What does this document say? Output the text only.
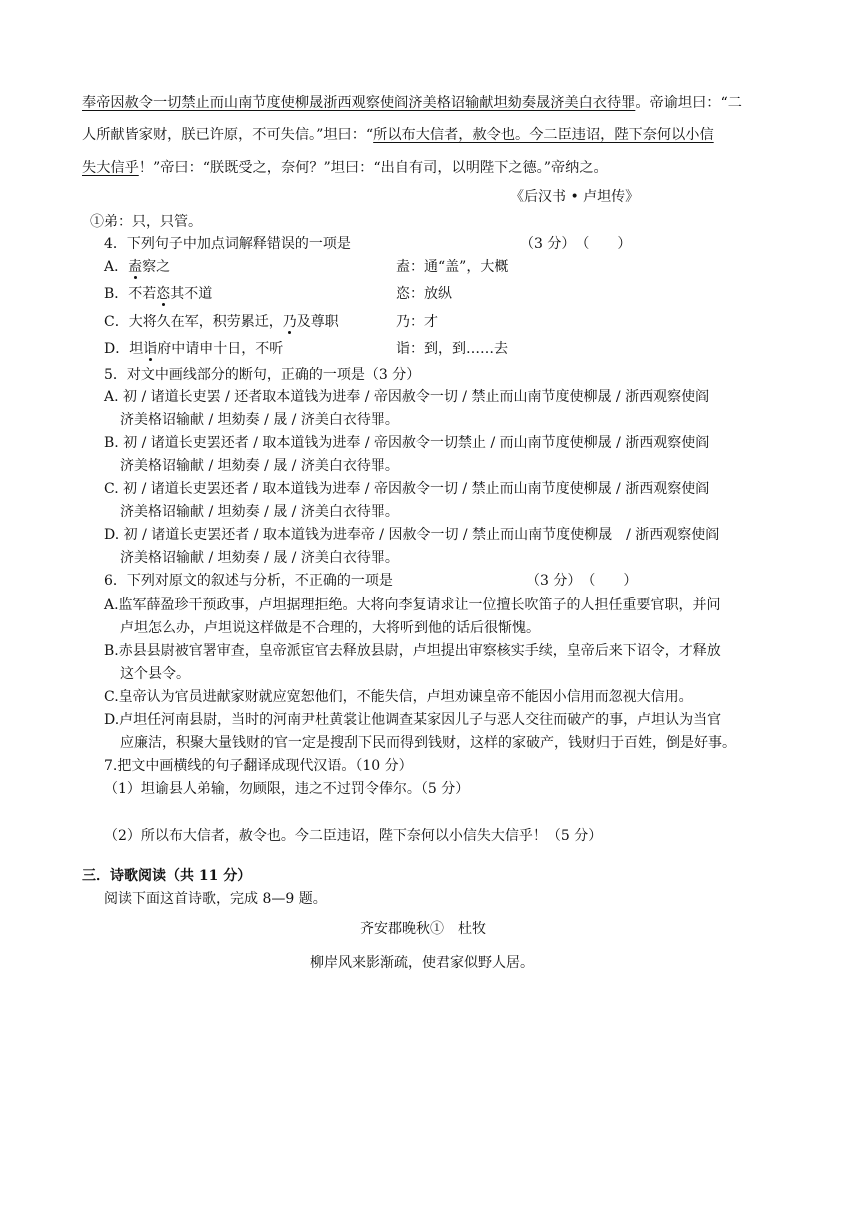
奉帝因赦令一切禁止而山南节度使柳晟浙西观察使阎济美格诏输献坦劾奏晟济美白衣待罪。帝谕坦曰：“二
人所献皆家财，朕已许原，不可失信。”坦曰：“所以布大信者，赦令也。今二臣违诏，陛下奈何以小信
失大信乎！”帝曰：“朕既受之，奈何？”坦曰：“出自有司，以明陛下之德。”帝纳之。
《后汉书 • 卢坦传》
①弟：只，只管。
4．下列句子中加点词解释错误的一项是	（3 分）　（　　）
A．盍察之	盍：通“盖”，大概
B．不若恣其不道	恣：放纵
C．大将久在军，积劳累迁，乃及尊职	乃：才
D．坦诣府中请申十日，不听	诣：到，到……去
5．对文中画线部分的断句，正确的一项是（3 分）
A. 初 / 诸道长吏罢 / 还者取本道钱为进奉 / 帝因赦令一切 / 禁止而山南节度使柳晟 / 浙西观察使阎
济美格诏输献 / 坦劾奏 / 晟 / 济美白衣待罪。
B. 初 / 诸道长吏罢还者 / 取本道钱为进奉 / 帝因赦令一切禁止 / 而山南节度使柳晟 / 浙西观察使阎
济美格诏输献 / 坦劾奏 / 晟 / 济美白衣待罪。
C. 初 / 诸道长吏罢还者 / 取本道钱为进奉 / 帝因赦令一切 / 禁止而山南节度使柳晟 / 浙西观察使阎
济美格诏输献 / 坦劾奏 / 晟 / 济美白衣待罪。
D. 初 / 诸道长吏罢还者 / 取本道钱为进奉帝 / 因赦令一切 / 禁止而山南节度使柳晟　/ 浙西观察使阎
济美格诏输献 / 坦劾奏 / 晟 / 济美白衣待罪。
6．下列对原文的叙述与分析，不正确的一项是	（3 分）　（　　）
A.监军薛盈珍干预政事，卢坦据理拒绝。大将向李复请求让一位擅长吹笛子的人担任重要官职，并问
卢坦怎么办，卢坦说这样做是不合理的，大将听到他的话后很惭愧。
B.赤县县尉被官署审查，皇帝派宦官去释放县尉，卢坦提出审察核实手续，皇帝后来下诏令，才释放
这个县令。
C.皇帝认为官员进献家财就应宽恕他们，不能失信，卢坦劝谏皇帝不能因小信用而忽视大信用。
D.卢坦任河南县尉，当时的河南尹杜黄裳让他调查某家因儿子与恶人交往而破产的事，卢坦认为当官
应廉洁，积聚大量钱财的官一定是搜刮下民而得到钱财，这样的家破产，钱财归于百姓，倒是好事。
7.把文中画横线的句子翻译成现代汉语。（10 分）
（1）坦谕县人弟输，勿顾限，违之不过罚令俸尔。（5 分）
（2）所以布大信者，赦令也。今二臣违诏，陛下奈何以小信失大信乎！（5 分）
三．诗歌阅读（共 11 分）
阅读下面这首诗歌，完成 8—9 题。
齐安郡晚秋①　杜牧
柳岸风来影渐疏，使君家似野人居。
